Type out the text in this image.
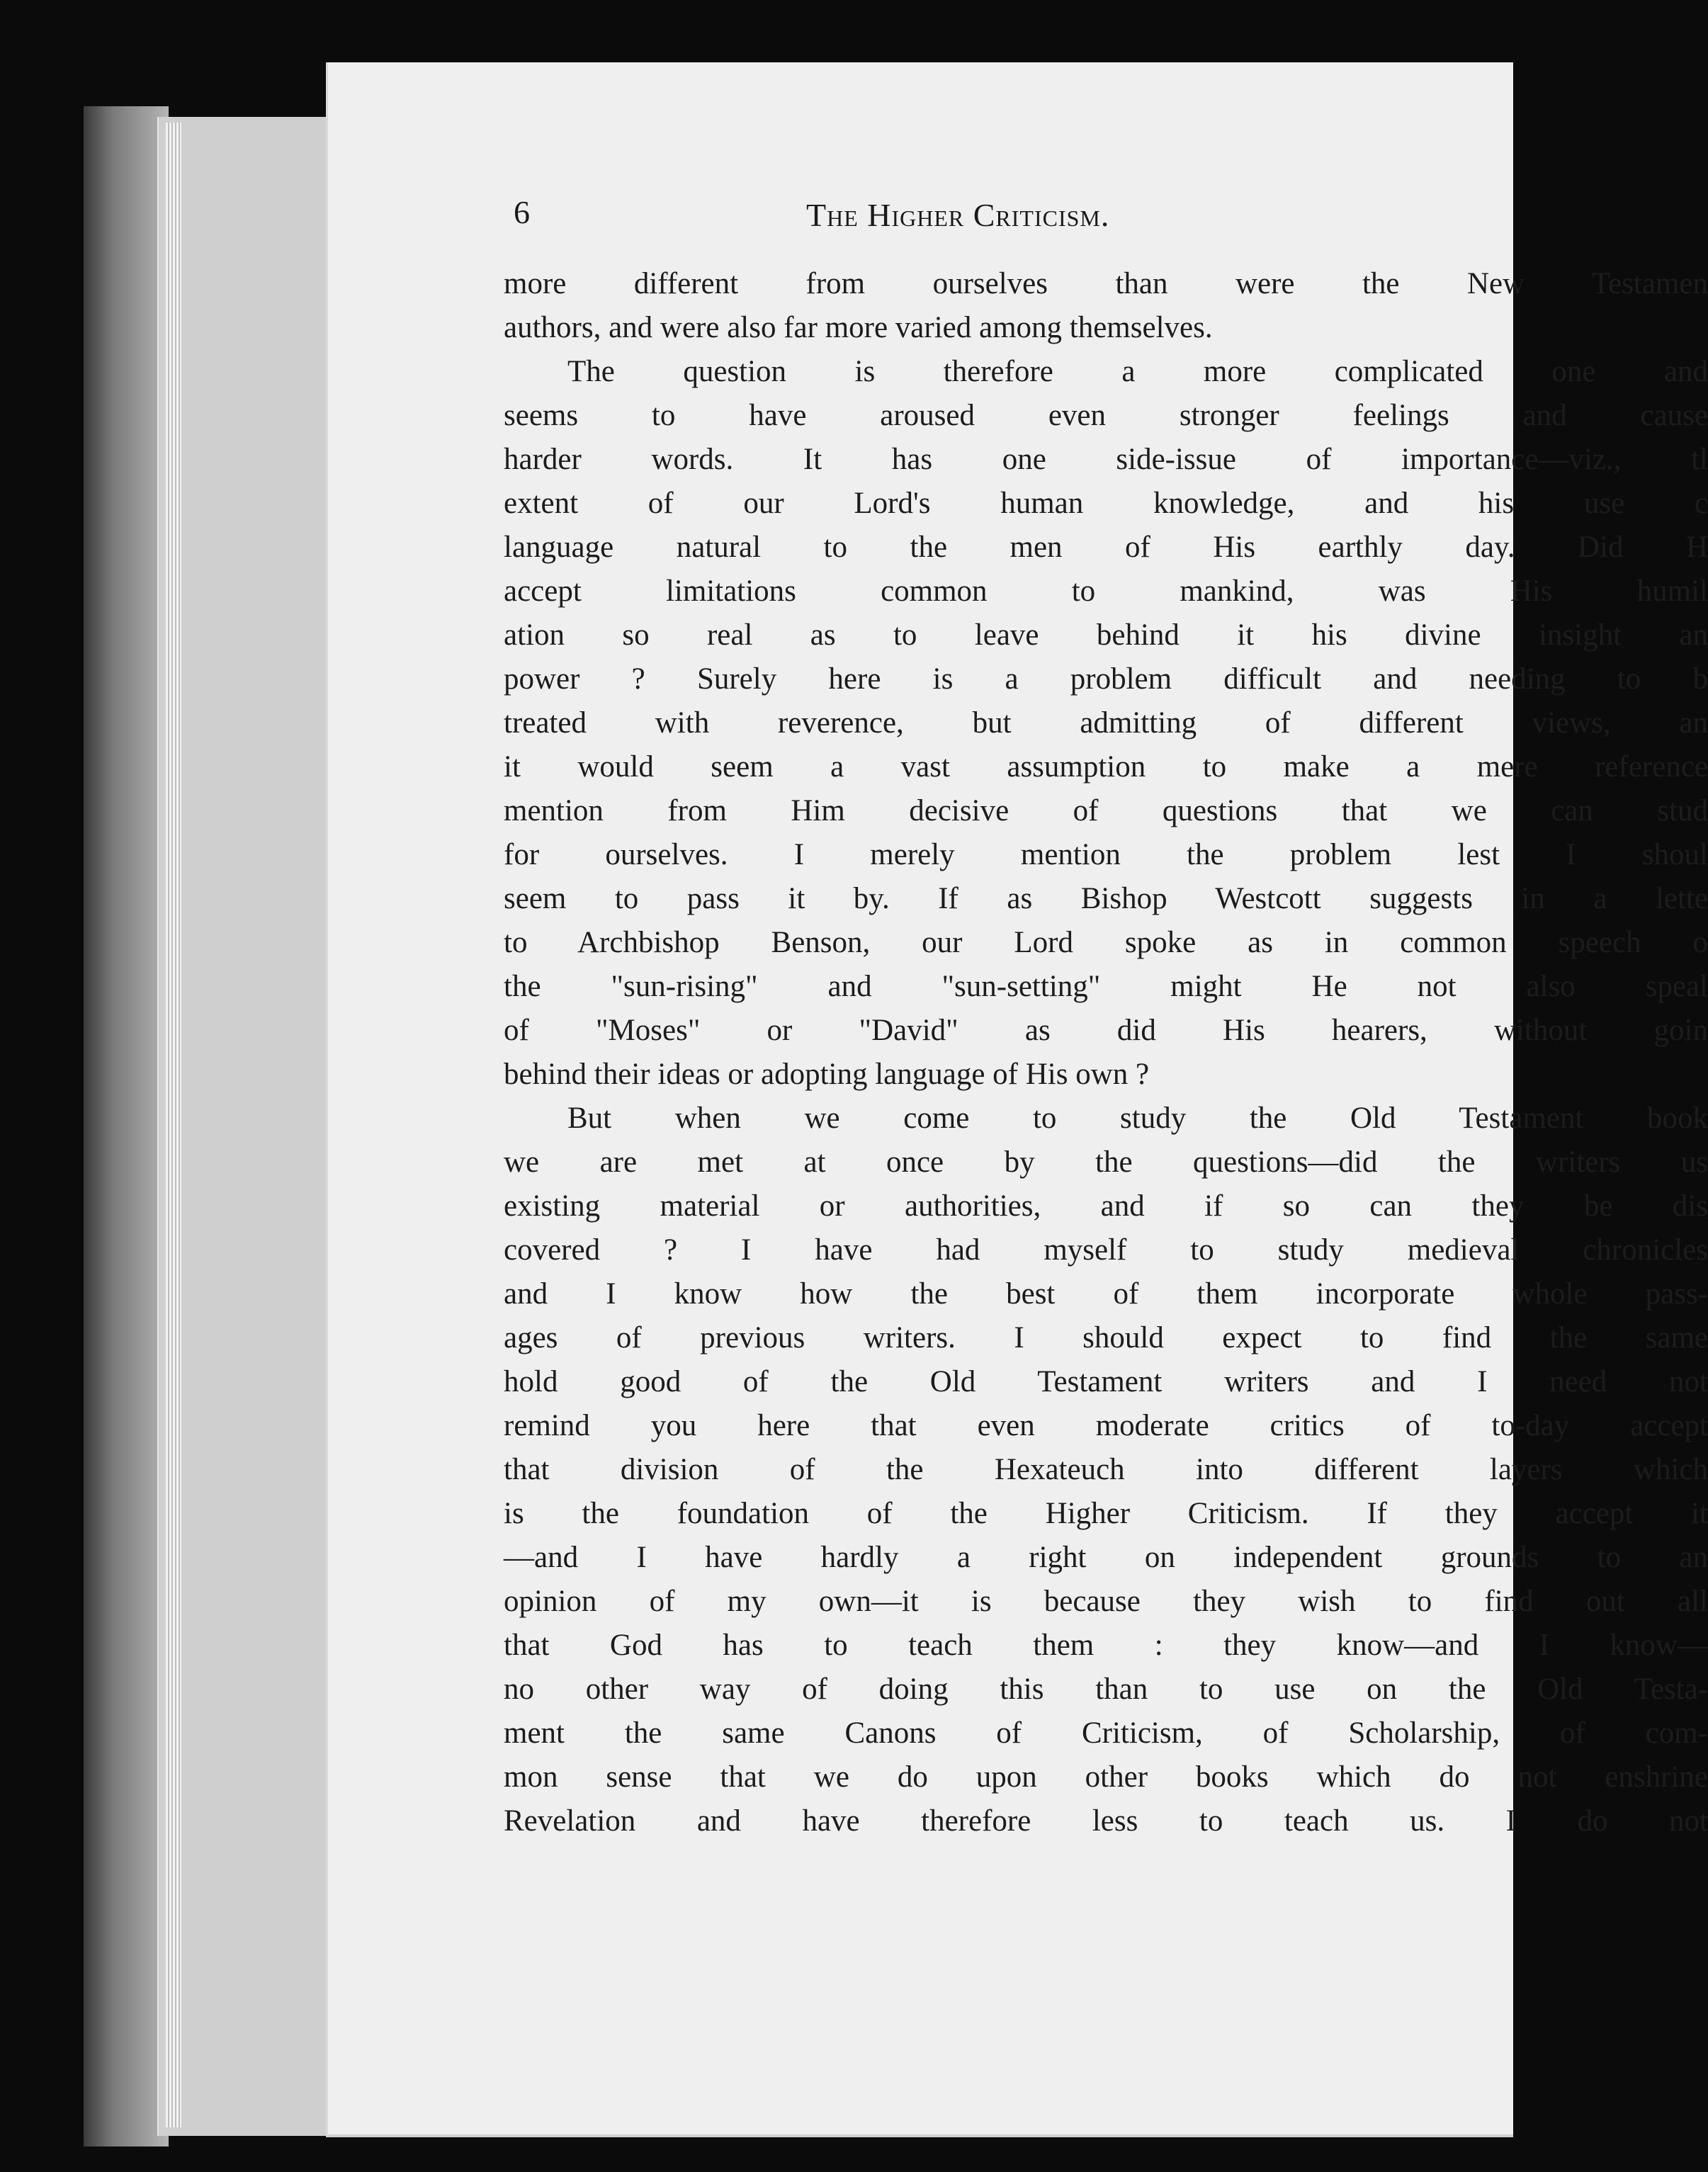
6	The Higher Criticism.
more different from ourselves than were the New Testamen
authors, and were also far more varied among themselves.
The question is therefore a more complicated one and
seems to have aroused even stronger feelings and cause
harder words. It has one side-issue of importance—viz., tl
extent of our Lord's human knowledge, and his use c
language natural to the men of His earthly day. Did H
accept limitations common to mankind, was His humil
ation so real as to leave behind it his divine insight an
power ? Surely here is a problem difficult and needing to b
treated with reverence, but admitting of different views, an
it would seem a vast assumption to make a mere reference
mention from Him decisive of questions that we can stud
for ourselves. I merely mention the problem lest I shoul
seem to pass it by. If as Bishop Westcott suggests in a lette
to Archbishop Benson, our Lord spoke as in common speech o
the "sun-rising" and "sun-setting" might He not also speal
of "Moses" or "David" as did His hearers, without goin
behind their ideas or adopting language of His own ?
But when we come to study the Old Testament book
we are met at once by the questions—did the writers us
existing material or authorities, and if so can they be dis
covered ? I have had myself to study medieval chronicles
and I know how the best of them incorporate whole pass-
ages of previous writers. I should expect to find the same
hold good of the Old Testament writers and I need not
remind you here that even moderate critics of to-day accept
that division of the Hexateuch into different layers which
is the foundation of the Higher Criticism. If they accept it
—and I have hardly a right on independent grounds to an
opinion of my own—it is because they wish to find out all
that God has to teach them : they know—and I know—
no other way of doing this than to use on the Old Testa-
ment the same Canons of Criticism, of Scholarship, of com-
mon sense that we do upon other books which do not enshrine
Revelation and have therefore less to teach us. I do not
